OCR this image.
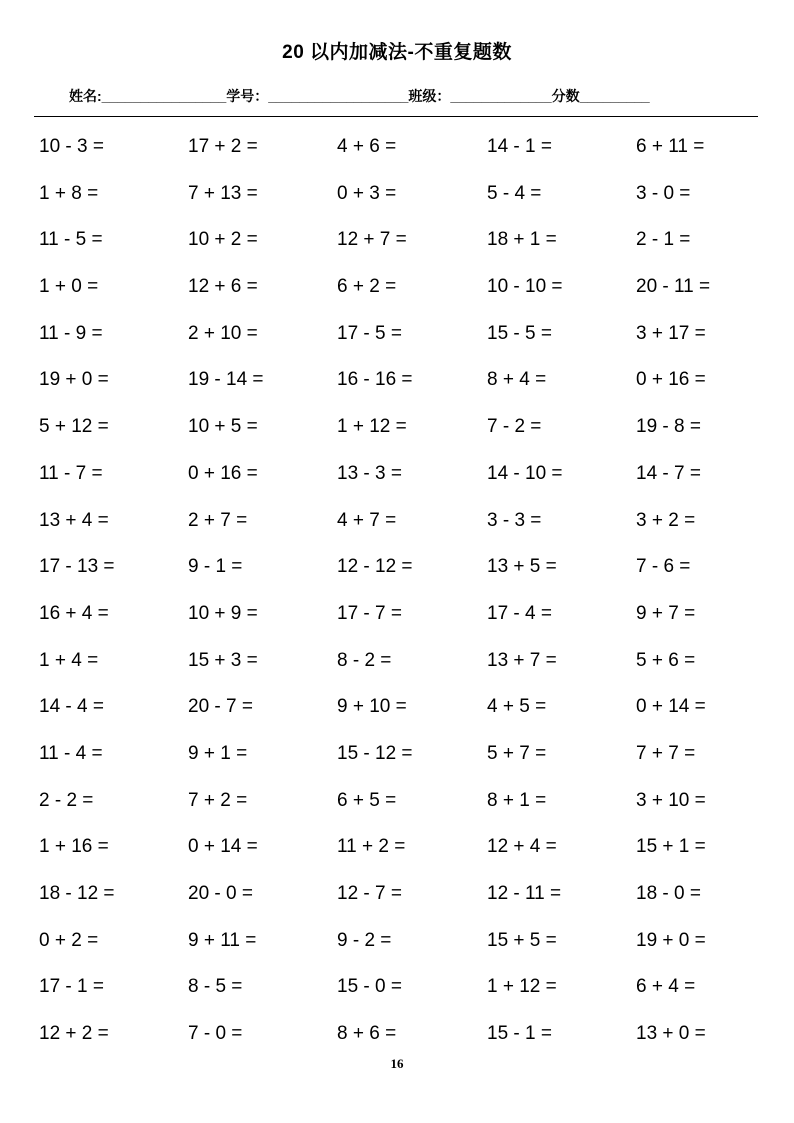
20 以内加减法-不重复题数
姓名:________________学号：__________________班级：_____________分数_________
10 - 3 =	17 + 2 =	4 + 6 =	14 - 1 =	6 + 11 =
1 + 8 =	7 + 13 =	0 + 3 =	5 - 4 =	3 - 0 =
11 - 5 =	10 + 2 =	12 + 7 =	18 + 1 =	2 - 1 =
1 + 0 =	12 + 6 =	6 + 2 =	10 - 10 =	20 - 11 =
11 - 9 =	2 + 10 =	17 - 5 =	15 - 5 =	3 + 17 =
19 + 0 =	19 - 14 =	16 - 16 =	8 + 4 =	0 + 16 =
5 + 12 =	10 + 5 =	1 + 12 =	7 - 2 =	19 - 8 =
11 - 7 =	0 + 16 =	13 - 3 =	14 - 10 =	14 - 7 =
13 + 4 =	2 + 7 =	4 + 7 =	3 - 3 =	3 + 2 =
17 - 13 =	9 - 1 =	12 - 12 =	13 + 5 =	7 - 6 =
16 + 4 =	10 + 9 =	17 - 7 =	17 - 4 =	9 + 7 =
1 + 4 =	15 + 3 =	8 - 2 =	13 + 7 =	5 + 6 =
14 - 4 =	20 - 7 =	9 + 10 =	4 + 5 =	0 + 14 =
11 - 4 =	9 + 1 =	15 - 12 =	5 + 7 =	7 + 7 =
2 - 2 =	7 + 2 =	6 + 5 =	8 + 1 =	3 + 10 =
1 + 16 =	0 + 14 =	11 + 2 =	12 + 4 =	15 + 1 =
18 - 12 =	20 - 0 =	12 - 7 =	12 - 11 =	18 - 0 =
0 + 2 =	9 + 11 =	9 - 2 =	15 + 5 =	19 + 0 =
17 - 1 =	8 - 5 =	15 - 0 =	1 + 12 =	6 + 4 =
12 + 2 =	7 - 0 =	8 + 6 =	15 - 1 =	13 + 0 =
16
